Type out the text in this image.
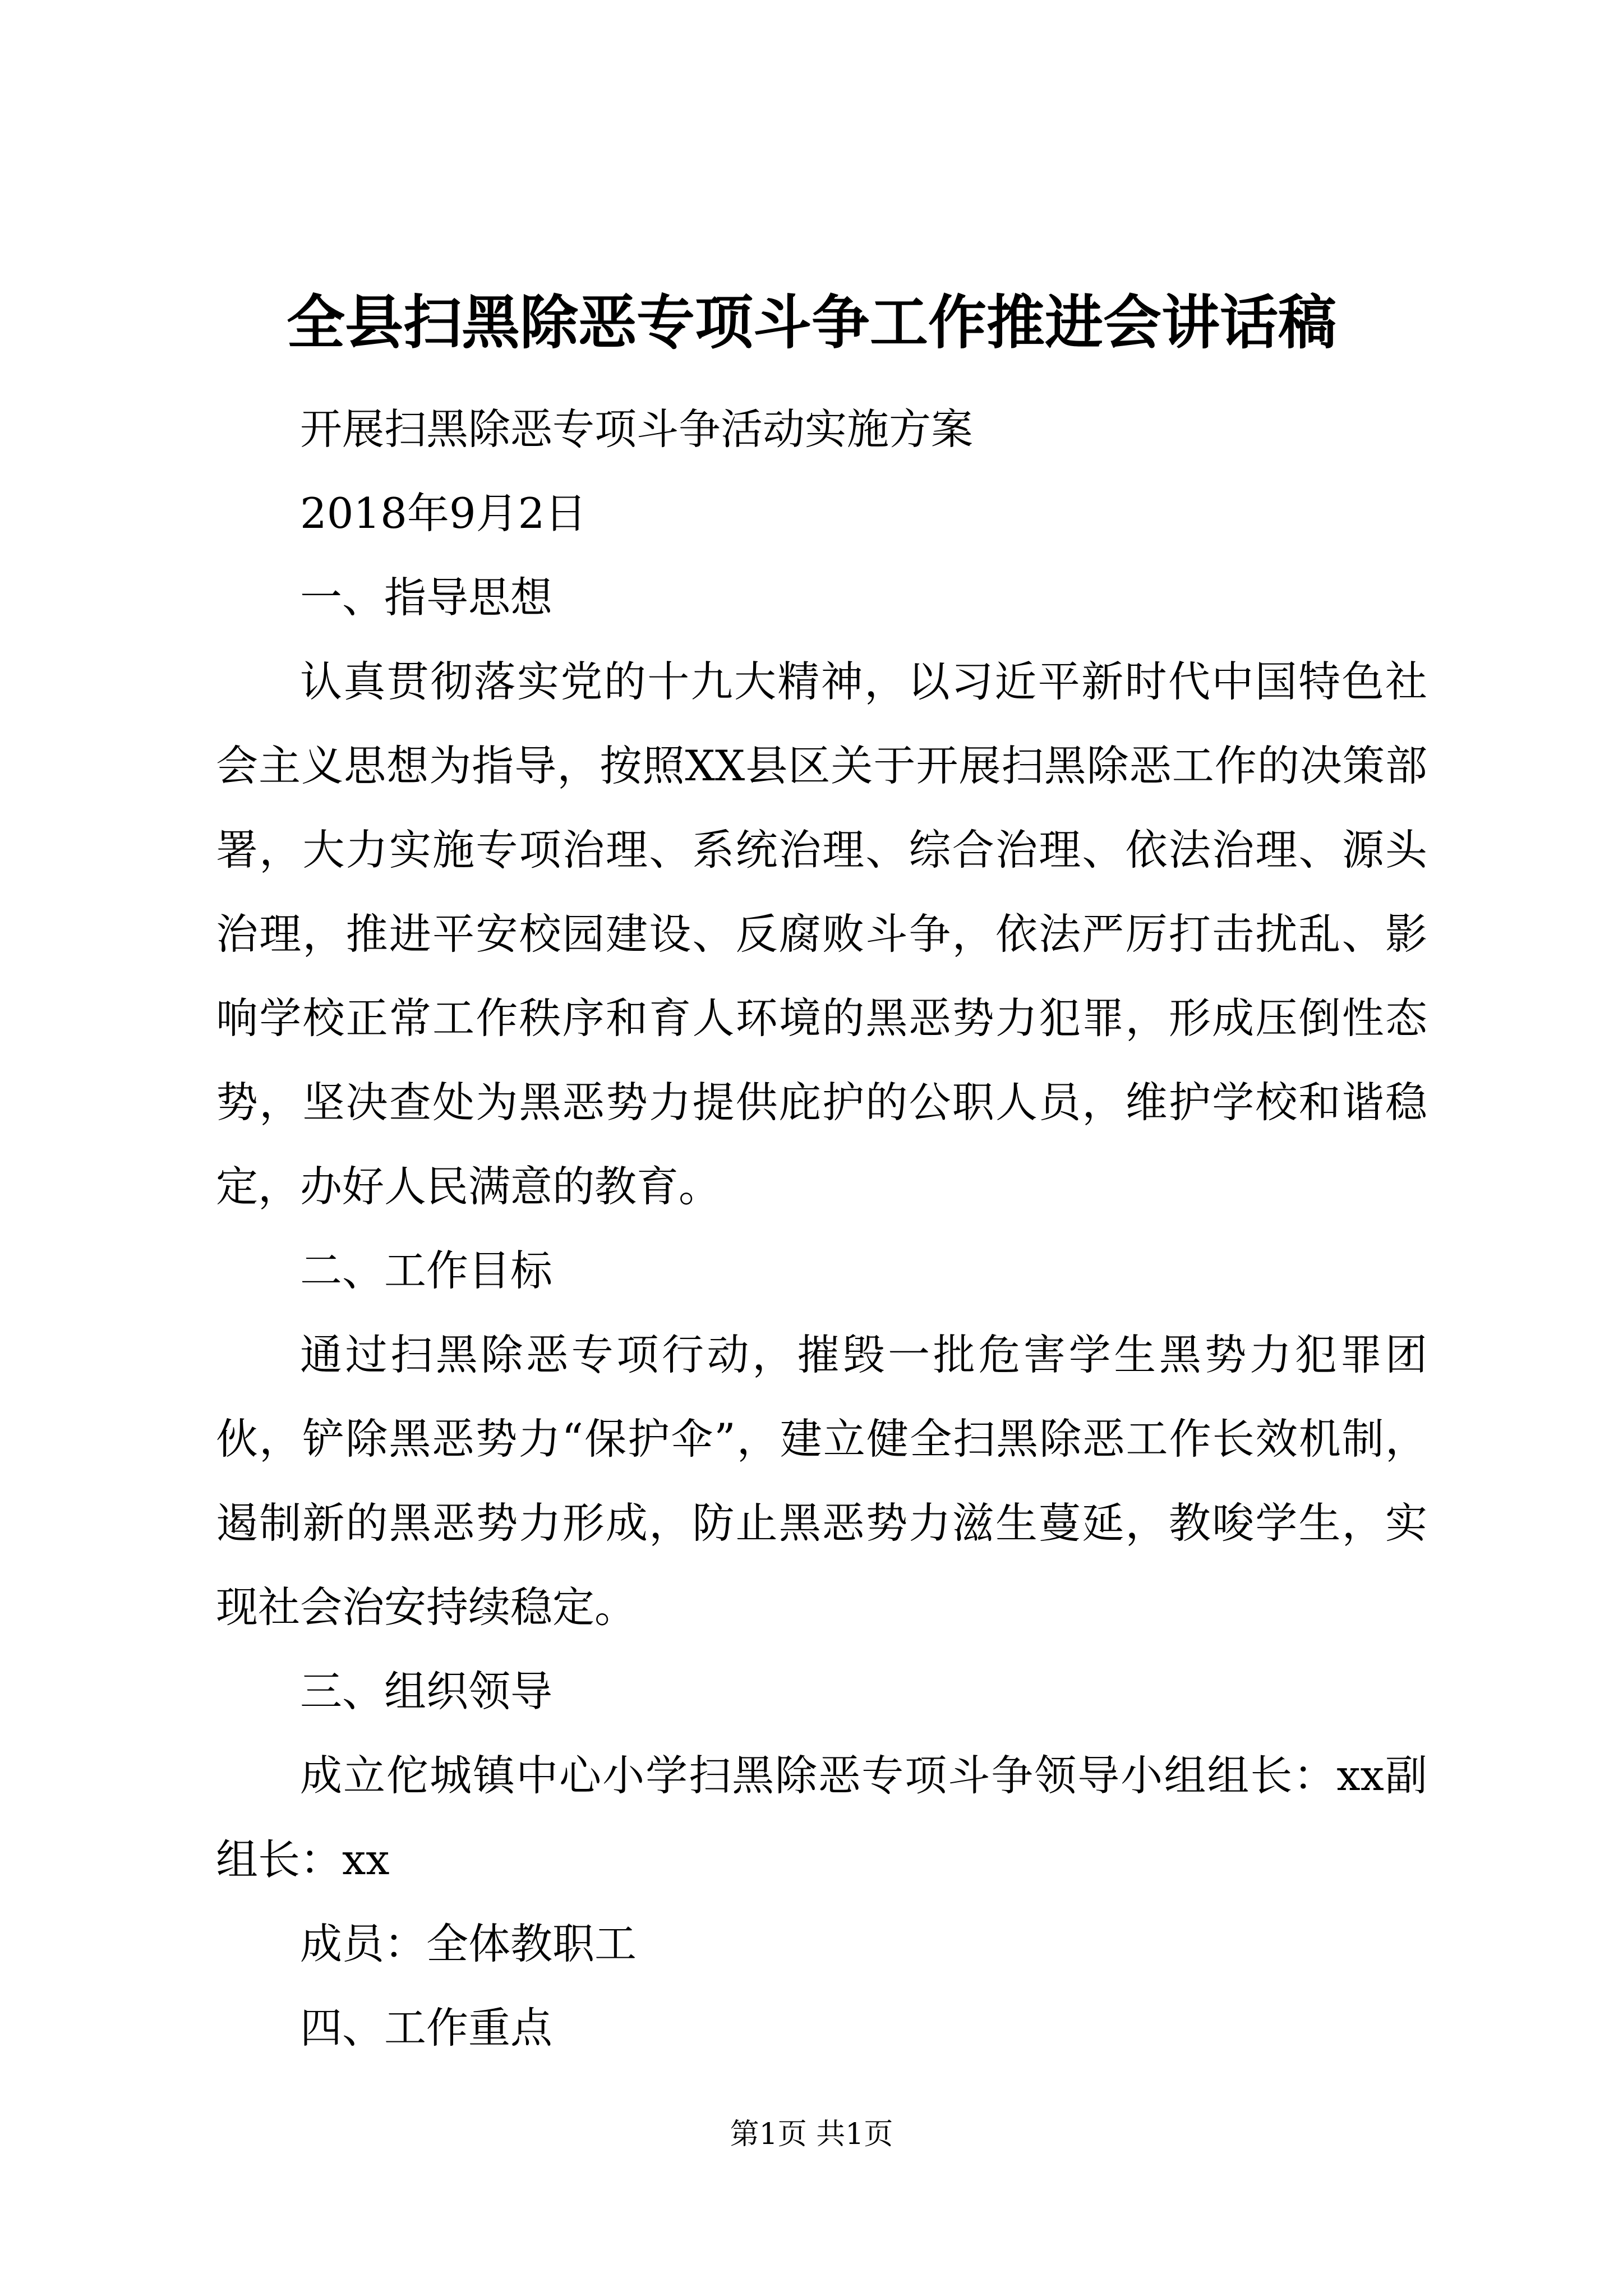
全县扫黑除恶专项斗争工作推进会讲话稿

开展扫黑除恶专项斗争活动实施方案

2018年9月2日

一、指导思想

认真贯彻落实党的十九大精神，以习近平新时代中国特色社会主义思想为指导，按照XX县区关于开展扫黑除恶工作的决策部署，大力实施专项治理、系统治理、综合治理、依法治理、源头治理，推进平安校园建设、反腐败斗争，依法严厉打击扰乱、影响学校正常工作秩序和育人环境的黑恶势力犯罪，形成压倒性态势，坚决查处为黑恶势力提供庇护的公职人员，维护学校和谐稳定，办好人民满意的教育。

二、工作目标

通过扫黑除恶专项行动，摧毁一批危害学生黑势力犯罪团伙，铲除黑恶势力“保护伞”，建立健全扫黑除恶工作长效机制，遏制新的黑恶势力形成，防止黑恶势力滋生蔓延，教唆学生，实现社会治安持续稳定。

三、组织领导

成立佗城镇中心小学扫黑除恶专项斗争领导小组组长：xx副组长：xx

成员：全体教职工

四、工作重点

第1页 共1页
